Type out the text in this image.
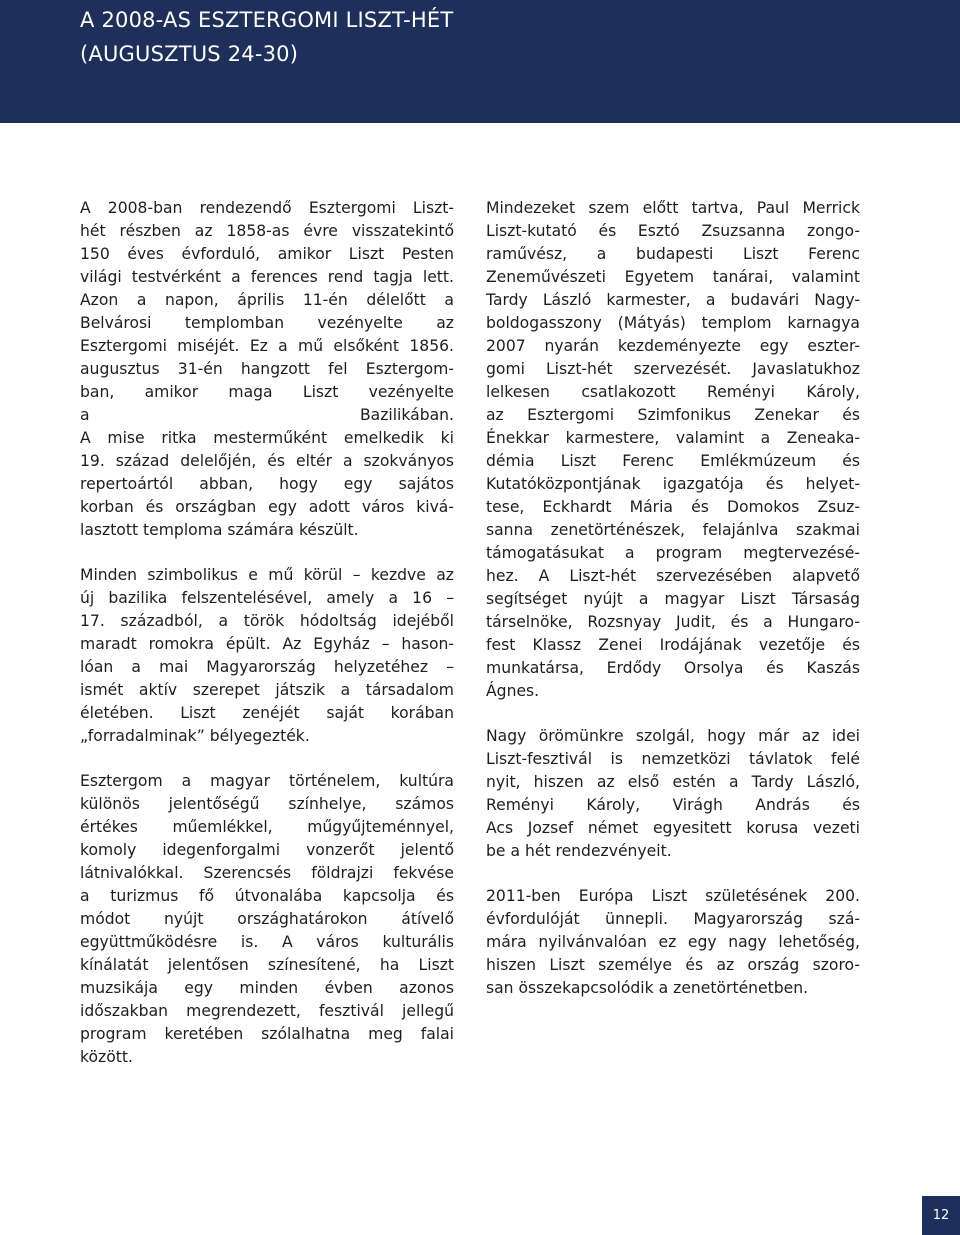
A 2008-AS ESZTERGOMI LISZT-HÉT
(AUGUSZTUS 24-30)

A 2008-ban rendezendő Esztergomi Liszt-
hét részben az 1858-as évre visszatekintő
150 éves évforduló, amikor Liszt Pesten
világi testvérként a ferences rend tagja lett.
Azon a napon, április 11-én délelőtt a
Belvárosi templomban vezényelte az
Esztergomi miséjét. Ez a mű elsőként 1856.
augusztus 31-én hangzott fel Esztergom-
ban, amikor maga Liszt vezényelte
a Bazilikában.
A mise ritka mesterműként emelkedik ki
19. század delelőjén, és eltér a szokványos
repertoártól abban, hogy egy sajátos
korban és országban egy adott város kivá-
lasztott temploma számára készült.

Minden szimbolikus e mű körül – kezdve az
új bazilika felszentelésével, amely a 16 –
17. századból, a török hódoltság idejéből
maradt romokra épült. Az Egyház – hason-
lóan a mai Magyarország helyzetéhez –
ismét aktív szerepet játszik a társadalom
életében. Liszt zenéjét saját korában
„forradalminak” bélyegezték.

Esztergom a magyar történelem, kultúra
különös jelentőségű színhelye, számos
értékes műemlékkel, műgyűjteménnyel,
komoly idegenforgalmi vonzerőt jelentő
látnivalókkal. Szerencsés földrajzi fekvése
a turizmus fő útvonalába kapcsolja és
módot nyújt országhatárokon átívelő
együttműködésre is. A város kulturális
kínálatát jelentősen színesítené, ha Liszt
muzsikája egy minden évben azonos
időszakban megrendezett, fesztivál jellegű
program keretében szólalhatna meg falai
között.

Mindezeket szem előtt tartva, Paul Merrick
Liszt-kutató és Esztó Zsuzsanna zongo-
raművész, a budapesti Liszt Ferenc
Zeneművészeti Egyetem tanárai, valamint
Tardy László karmester, a budavári Nagy-
boldogasszony (Mátyás) templom karnagya
2007 nyarán kezdeményezte egy eszter-
gomi Liszt-hét szervezését. Javaslatukhoz
lelkesen csatlakozott Reményi Károly,
az Esztergomi Szimfonikus Zenekar és
Énekkar karmestere, valamint a Zeneaka-
démia Liszt Ferenc Emlékmúzeum és
Kutatóközpontjának igazgatója és helyet-
tese, Eckhardt Mária és Domokos Zsuz-
sanna zenetörténészek, felajánlva szakmai
támogatásukat a program megtervezésé-
hez. A Liszt-hét szervezésében alapvető
segítséget nyújt a magyar Liszt Társaság
társelnöke, Rozsnyay Judit, és a Hungaro-
fest Klassz Zenei Irodájának vezetője és
munkatársa, Erdődy Orsolya és Kaszás
Ágnes.

Nagy örömünkre szolgál, hogy már az idei
Liszt-fesztivál is nemzetközi távlatok felé
nyit, hiszen az első estén a Tardy László,
Reményi Károly, Virágh András és
Acs Jozsef német egyesitett korusa vezeti
be a hét rendezvényeit.

2011-ben Európa Liszt születésének 200.
évfordulóját ünnepli. Magyarország szá-
mára nyilvánvalóan ez egy nagy lehetőség,
hiszen Liszt személye és az ország szoro-
san összekapcsolódik a zenetörténetben.

12
